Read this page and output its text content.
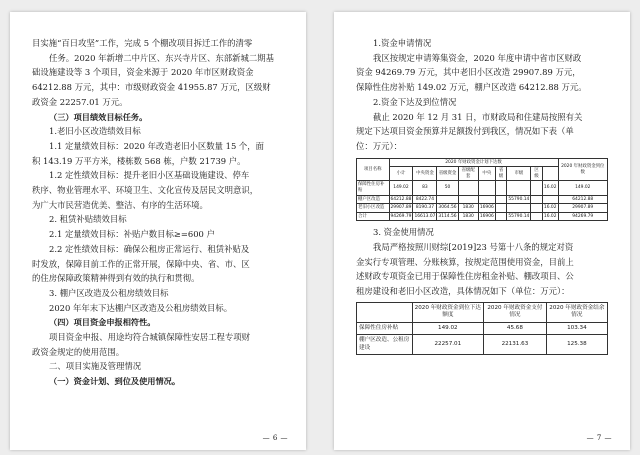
目实施“百日攻坚”工作，完成 5 个棚改项目拆迁工作的清零

任务。2020 年新增二中片区、东兴寺片区、东部新城二期基

础设施建设等 3 个项目，资金来源于 2020 年市区财政资金

64212.88 万元，其中：市级财政资金 41955.87 万元，区级财

政资金 22257.01 万元。

（三）项目绩效目标任务。

1.老旧小区改造绩效目标

1.1 定量绩效目标：2020 年改造老旧小区数量 15 个，面

积 143.19 万平方米，楼栋数 568 栋，户数 21739 户。

1.2 定性绩效目标：提升老旧小区基础设施建设、停车

秩序、物业管理水平、环境卫生、文化宣传及居民文明意识，

为广大市民营造优美、整洁、有序的生活环境。

2. 租赁补贴绩效目标

2.1 定量绩效目标：补贴户数目标≥=600 户

2.2 定性绩效目标：确保公租房正常运行、租赁补贴及

时发放，保障目前工作的正常开展，保障中央、省、市、区

的住房保障政策精神得到有效的执行和贯彻。

3. 棚户区改造及公租房绩效目标

2020 年年末下达棚户区改造及公租房绩效目标。

（四）项目资金申报相符性。

项目资金申报、用途均符合城镇保障性安居工程专项财

政资金规定的使用范围。

二、项目实施及管理情况

（一）资金计划、到位及使用情况。

— 6 —

1.资金申请情况

我区按规定申请筹集资金，2020 年度申请中省市区财政

资金 94269.79 万元，其中老旧小区改造 29907.89 万元，

保障性住房补贴 149.02 万元，棚户区改造 64212.88 万元。

2.资金下达及到位情况

截止 2020 年 12 月 31 日，市财政局和住建局按照有关

规定下达项目资金预算并足额拨付到我区，情况如下表（单

位：万元）：

项目名称	2020 年财政资金计划下达数									2020 年财政资金到位数
	小计	中央资金	省级资金	省级配套	中央	省级	市级	区级		
保障性住房补贴	149.02	83	50						16.02	149.02
棚户区改造	64212.88	8422.74					55790.14			64212.88
老旧小区改造	29907.89	8190.37	3064.56	1830	16906				16.02	29907.89
合计	94269.79	16613.07	3114.56	1830	16906		55790.14		16.02	94269.79

3. 资金使用情况

我局严格按照川财综[2019]23 号第十八条的规定对资

金实行专项管理、分账核算，按规定范围使用资金，目前上

述财政专项资金已用于保障性住房租金补贴、棚改项目、公

租房建设和老旧小区改造，具体情况如下（单位：万元）：

	2020 年财政资金到位下达额度	2020 年财政资金支付情况	2020 年财政资金结余情况
保障性住房补贴	149.02	45.68	103.34
棚户区改造、公租房建设	22257.01	22131.63	125.38
— 7 —
